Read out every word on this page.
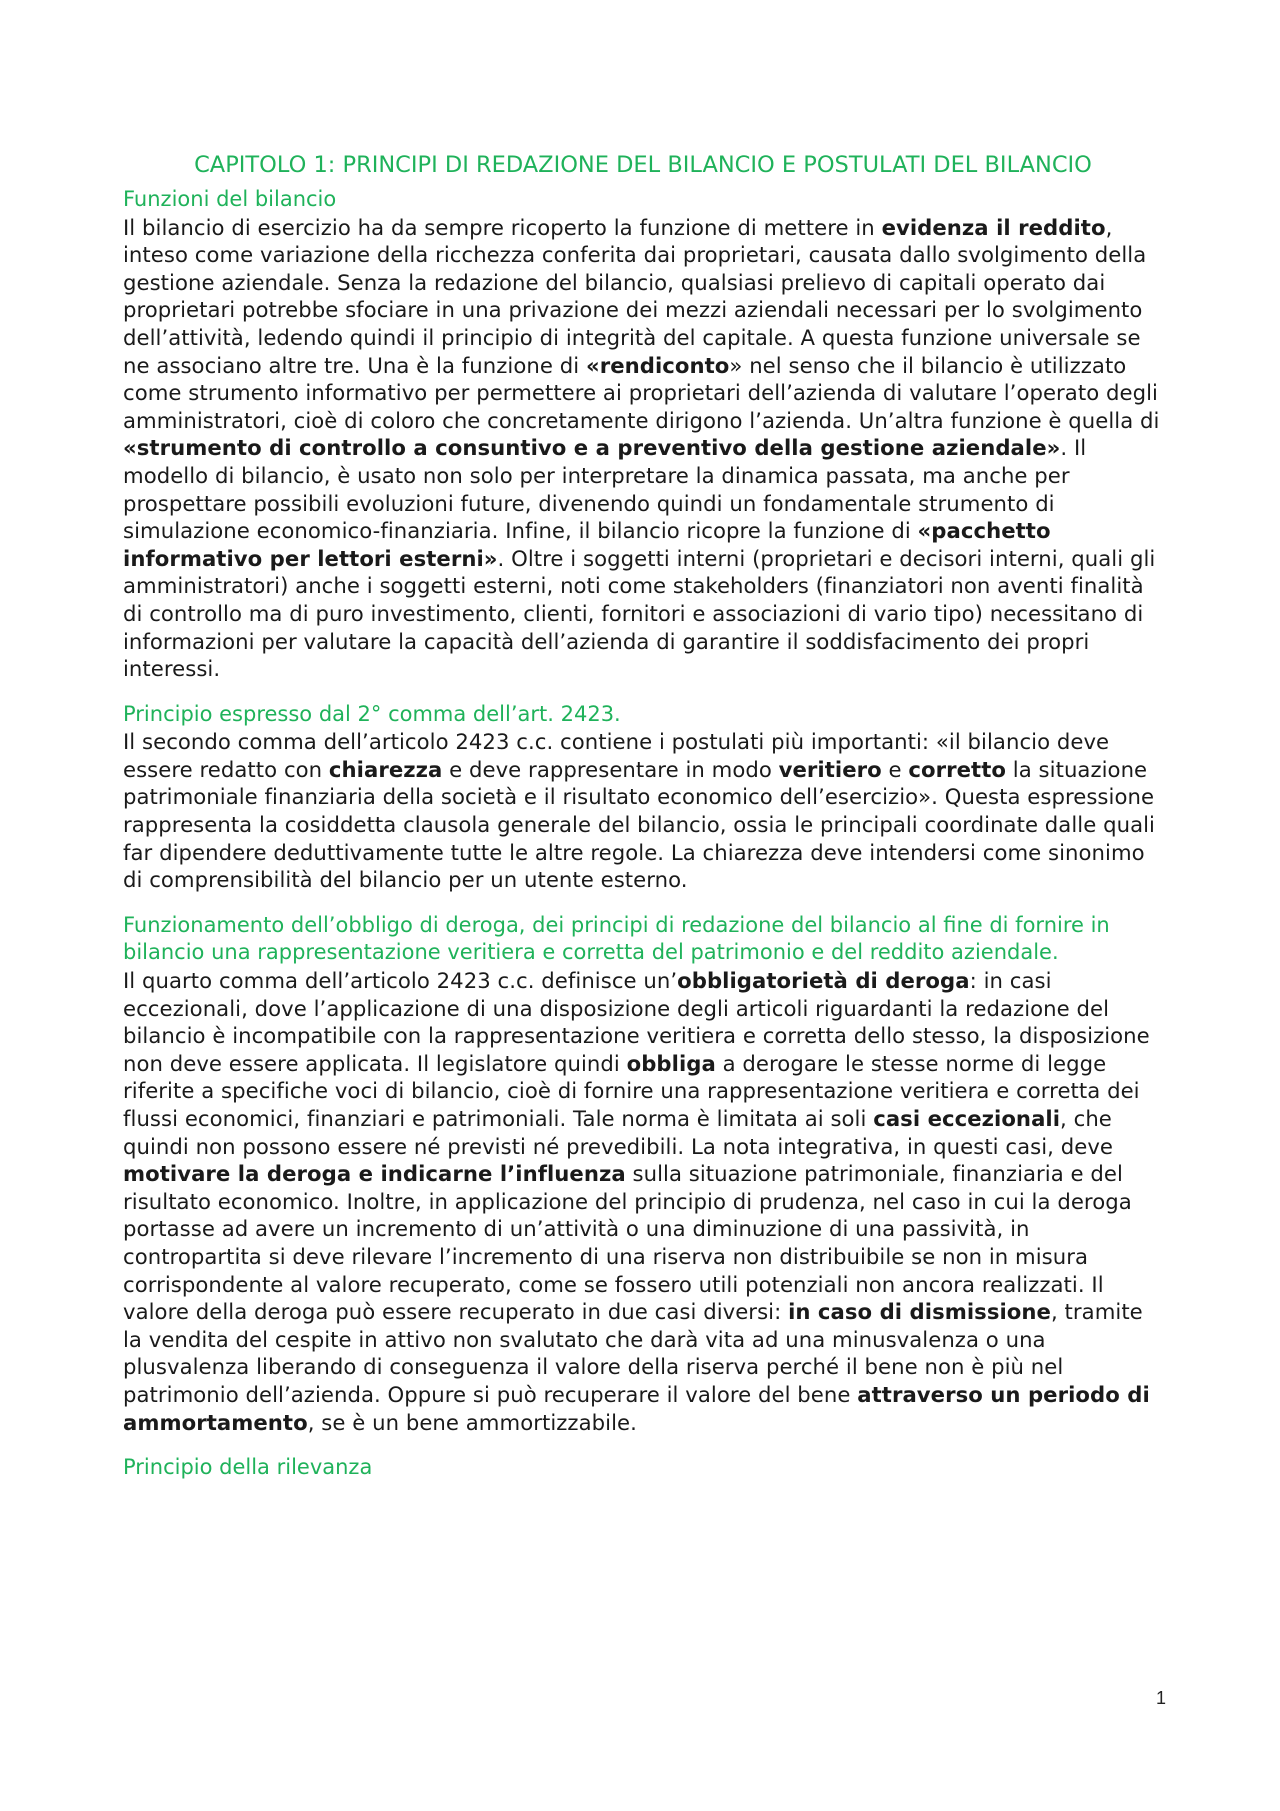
CAPITOLO 1: PRINCIPI DI REDAZIONE DEL BILANCIO E POSTULATI DEL BILANCIO
Funzioni del bilancio

Il bilancio di esercizio ha da sempre ricoperto la funzione di mettere in evidenza il reddito, inteso come variazione della ricchezza conferita dai proprietari, causata dallo svolgimento della gestione aziendale. Senza la redazione del bilancio, qualsiasi prelievo di capitali operato dai proprietari potrebbe sfociare in una privazione dei mezzi aziendali necessari per lo svolgimento dell’attività, ledendo quindi il principio di integrità del capitale. A questa funzione universale se ne associano altre tre. Una è la funzione di «rendiconto» nel senso che il bilancio è utilizzato come strumento informativo per permettere ai proprietari dell’azienda di valutare l’operato degli amministratori, cioè di coloro che concretamente dirigono l’azienda. Un’altra funzione è quella di «strumento di controllo a consuntivo e a preventivo della gestione aziendale». Il modello di bilancio, è usato non solo per interpretare la dinamica passata, ma anche per prospettare possibili evoluzioni future, divenendo quindi un fondamentale strumento di simulazione economico-finanziaria. Infine, il bilancio ricopre la funzione di «pacchetto informativo per lettori esterni». Oltre i soggetti interni (proprietari e decisori interni, quali gli amministratori) anche i soggetti esterni, noti come stakeholders (finanziatori non aventi finalità di controllo ma di puro investimento, clienti, fornitori e associazioni di vario tipo) necessitano di informazioni per valutare la capacità dell’azienda di garantire il soddisfacimento dei propri interessi.

Principio espresso dal 2° comma dell’art. 2423.

Il secondo comma dell’articolo 2423 c.c. contiene i postulati più importanti: «il bilancio deve essere redatto con chiarezza e deve rappresentare in modo veritiero e corretto la situazione patrimoniale finanziaria della società e il risultato economico dell’esercizio». Questa espressione rappresenta la cosiddetta clausola generale del bilancio, ossia le principali coordinate dalle quali far dipendere deduttivamente tutte le altre regole. La chiarezza deve intendersi come sinonimo di comprensibilità del bilancio per un utente esterno.

Funzionamento dell’obbligo di deroga, dei principi di redazione del bilancio al fine di fornire in bilancio una rappresentazione veritiera e corretta del patrimonio e del reddito aziendale.

Il quarto comma dell’articolo 2423 c.c. definisce un’obbligatorietà di deroga: in casi eccezionali, dove l’applicazione di una disposizione degli articoli riguardanti la redazione del bilancio è incompatibile con la rappresentazione veritiera e corretta dello stesso, la disposizione non deve essere applicata. Il legislatore quindi obbliga a derogare le stesse norme di legge riferite a specifiche voci di bilancio, cioè di fornire una rappresentazione veritiera e corretta dei flussi economici, finanziari e patrimoniali. Tale norma è limitata ai soli casi eccezionali, che quindi non possono essere né previsti né prevedibili. La nota integrativa, in questi casi, deve motivare la deroga e indicarne l’influenza sulla situazione patrimoniale, finanziaria e del risultato economico. Inoltre, in applicazione del principio di prudenza, nel caso in cui la deroga portasse ad avere un incremento di un’attività o una diminuzione di una passività, in contropartita si deve rilevare l’incremento di una riserva non distribuibile se non in misura corrispondente al valore recuperato, come se fossero utili potenziali non ancora realizzati. Il valore della deroga può essere recuperato in due casi diversi: in caso di dismissione, tramite la vendita del cespite in attivo non svalutato che darà vita ad una minusvalenza o una plusvalenza liberando di conseguenza il valore della riserva perché il bene non è più nel patrimonio dell’azienda. Oppure si può recuperare il valore del bene attraverso un periodo di ammortamento, se è un bene ammortizzabile.

Principio della rilevanza
1
